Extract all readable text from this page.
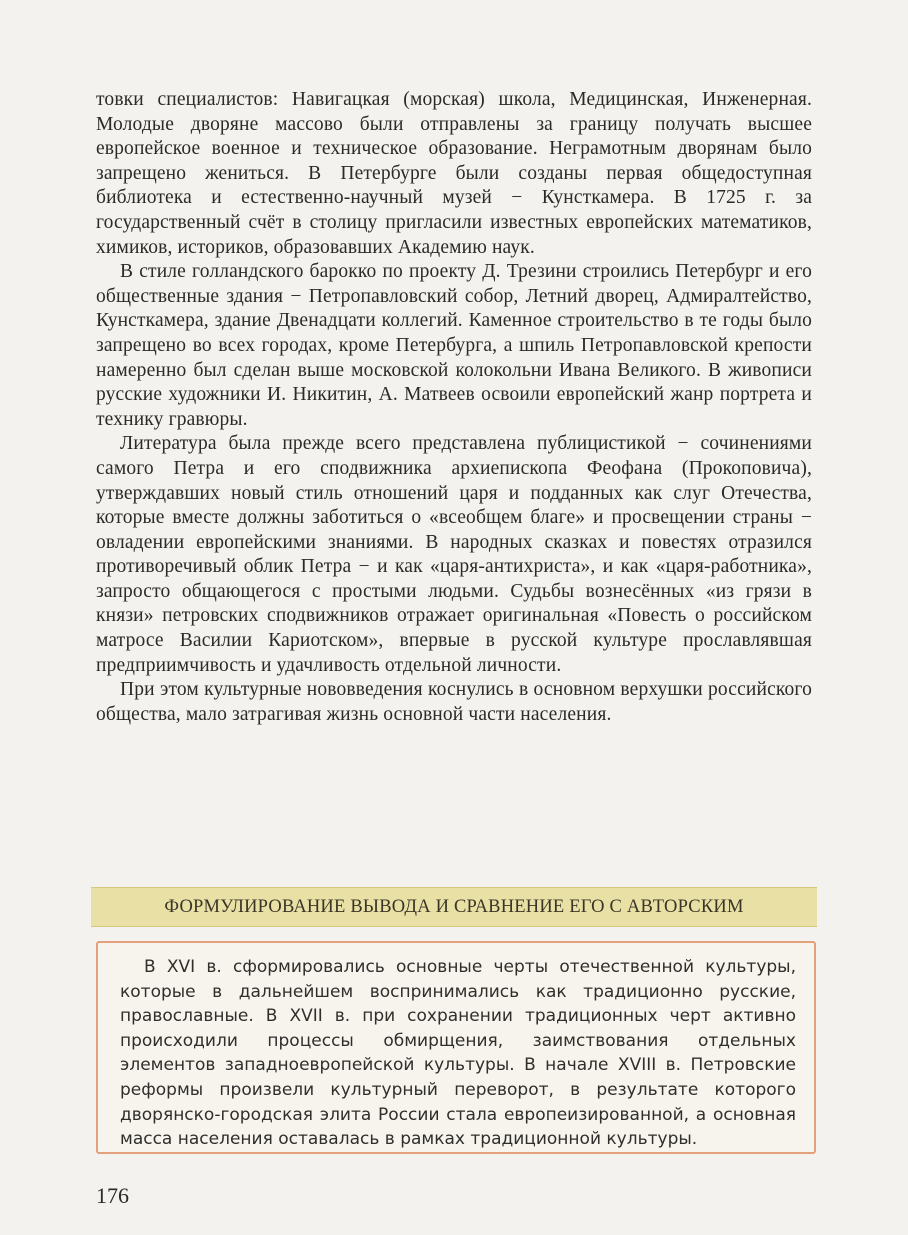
товки специалистов: Навигацкая (морская) школа, Медицинская, Инженерная. Молодые дворяне массово были отправлены за границу получать высшее европейское военное и техническое образование. Неграмотным дворянам было запрещено жениться. В Петербурге были созданы первая общедоступная библиотека и естественно-научный музей − Кунсткамера. В 1725 г. за государственный счёт в столицу пригласили известных европейских математиков, химиков, историков, образовавших Академию наук.

В стиле голландского барокко по проекту Д. Трезини строились Петербург и его общественные здания − Петропавловский собор, Летний дворец, Адмиралтейство, Кунсткамера, здание Двенадцати коллегий. Каменное строительство в те годы было запрещено во всех городах, кроме Петербурга, а шпиль Петропавловской крепости намеренно был сделан выше московской колокольни Ивана Великого. В живописи русские художники И. Никитин, А. Матвеев освоили европейский жанр портрета и технику гравюры.

Литература была прежде всего представлена публицистикой − сочинениями самого Петра и его сподвижника архиепископа Феофана (Прокоповича), утверждавших новый стиль отношений царя и подданных как слуг Отечества, которые вместе должны заботиться о «всеобщем благе» и просвещении страны − овладении европейскими знаниями. В народных сказках и повестях отразился противоречивый облик Петра − и как «царя-антихриста», и как «царя-работника», запросто общающегося с простыми людьми. Судьбы вознесённых «из грязи в князи» петровских сподвижников отражает оригинальная «Повесть о российском матросе Василии Кариотском», впервые в русской культуре прославлявшая предприимчивость и удачливость отдельной личности.

При этом культурные нововведения коснулись в основном верхушки российского общества, мало затрагивая жизнь основной части населения.

ФОРМУЛИРОВАНИЕ ВЫВОДА И СРАВНЕНИЕ ЕГО С АВТОРСКИМ

В XVI в. сформировались основные черты отечественной культуры, которые в дальнейшем воспринимались как традиционно русские, православные. В XVII в. при сохранении традиционных черт активно происходили процессы обмирщения, заимствования отдельных элементов западноевропейской культуры. В начале XVIII в. Петровские реформы произвели культурный переворот, в результате которого дворянско-городская элита России стала европеизированной, а основная масса населения оставалась в рамках традиционной культуры.

176
